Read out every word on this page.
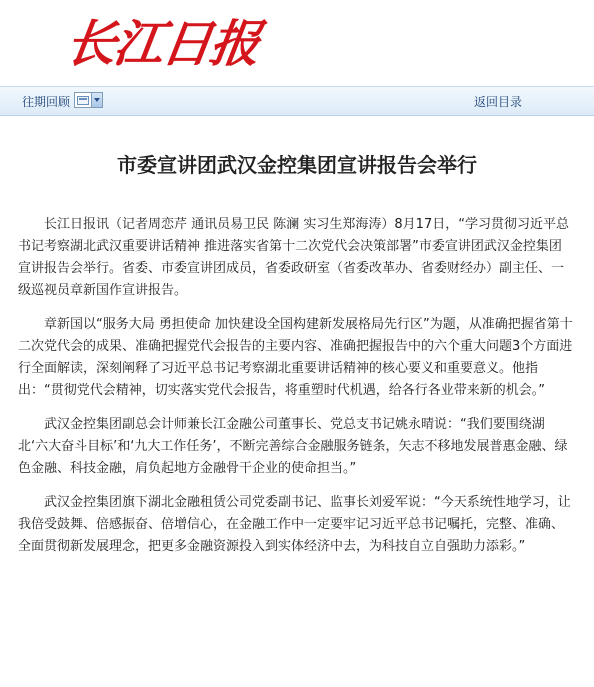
长江日报
往期回顾	返回目录
市委宣讲团武汉金控集团宣讲报告会举行

长江日报讯（记者周恋芹 通讯员易卫民 陈澜 实习生郑海涛）8月17日，“学习贯彻习近平总书记考察湖北武汉重要讲话精神 推进落实省第十二次党代会决策部署”市委宣讲团武汉金控集团宣讲报告会举行。省委、市委宣讲团成员，省委政研室（省委改革办、省委财经办）副主任、一级巡视员章新国作宣讲报告。

章新国以“服务大局 勇担使命 加快建设全国构建新发展格局先行区”为题，从准确把握省第十二次党代会的成果、准确把握党代会报告的主要内容、准确把握报告中的六个重大问题3个方面进行全面解读，深刻阐释了习近平总书记考察湖北重要讲话精神的核心要义和重要意义。他指出：“贯彻党代会精神，切实落实党代会报告，将重塑时代机遇，给各行各业带来新的机会。”

武汉金控集团副总会计师兼长江金融公司董事长、党总支书记姚永晴说：“我们要围绕湖北‘六大奋斗目标’和‘九大工作任务’，不断完善综合金融服务链条，矢志不移地发展普惠金融、绿色金融、科技金融，肩负起地方金融骨干企业的使命担当。”

武汉金控集团旗下湖北金融租赁公司党委副书记、监事长刘爱军说：“今天系统性地学习，让我倍受鼓舞、倍感振奋、倍增信心，在金融工作中一定要牢记习近平总书记嘱托，完整、准确、全面贯彻新发展理念，把更多金融资源投入到实体经济中去，为科技自立自强助力添彩。”
